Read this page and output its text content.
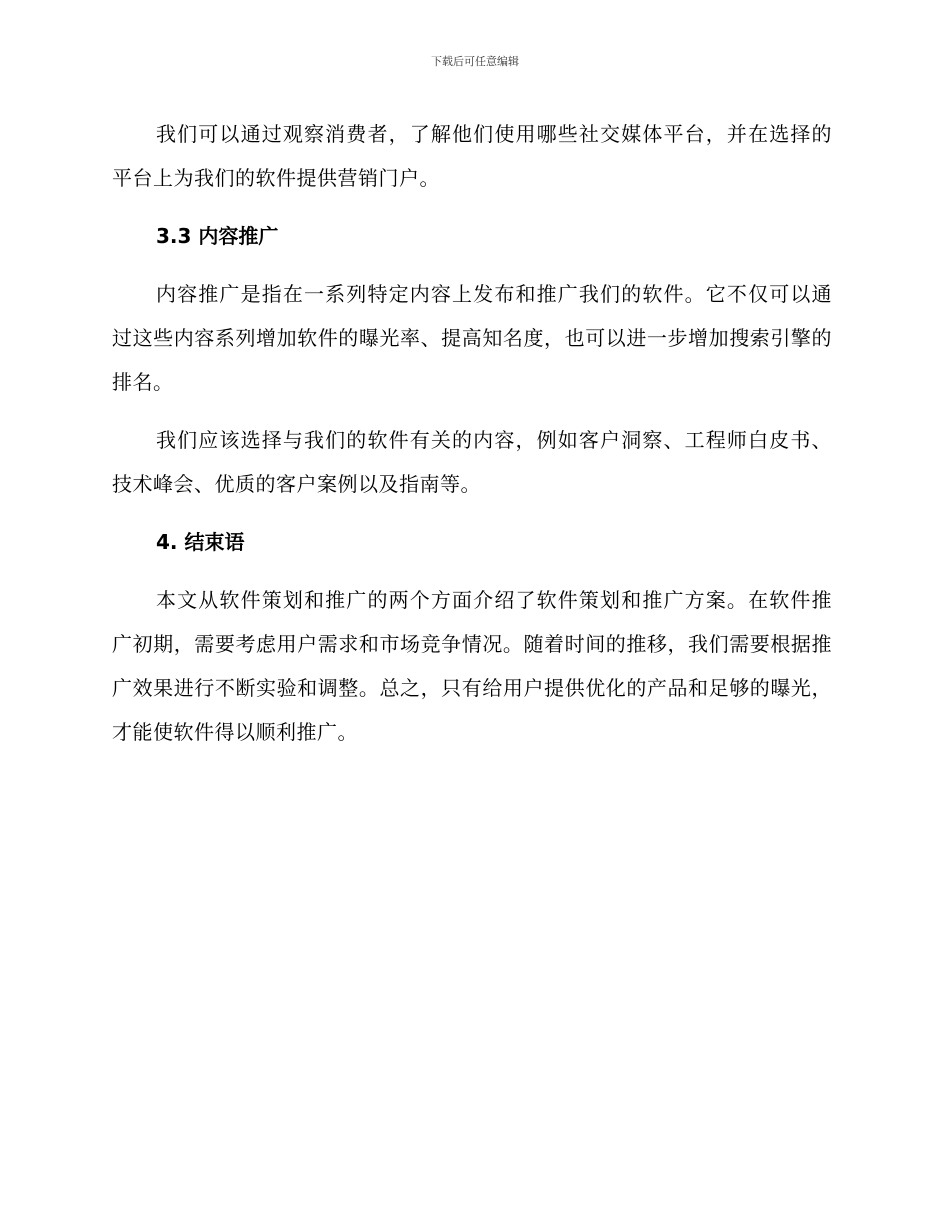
下载后可任意编辑

我们可以通过观察消费者，了解他们使用哪些社交媒体平台，并在选择的平台上为我们的软件提供营销门户。

3.3 内容推广

内容推广是指在一系列特定内容上发布和推广我们的软件。它不仅可以通过这些内容系列增加软件的曝光率、提高知名度，也可以进一步增加搜索引擎的排名。

我们应该选择与我们的软件有关的内容，例如客户洞察、工程师白皮书、技术峰会、优质的客户案例以及指南等。

4. 结束语

本文从软件策划和推广的两个方面介绍了软件策划和推广方案。在软件推广初期，需要考虑用户需求和市场竞争情况。随着时间的推移，我们需要根据推广效果进行不断实验和调整。总之，只有给用户提供优化的产品和足够的曝光，才能使软件得以顺利推广。
